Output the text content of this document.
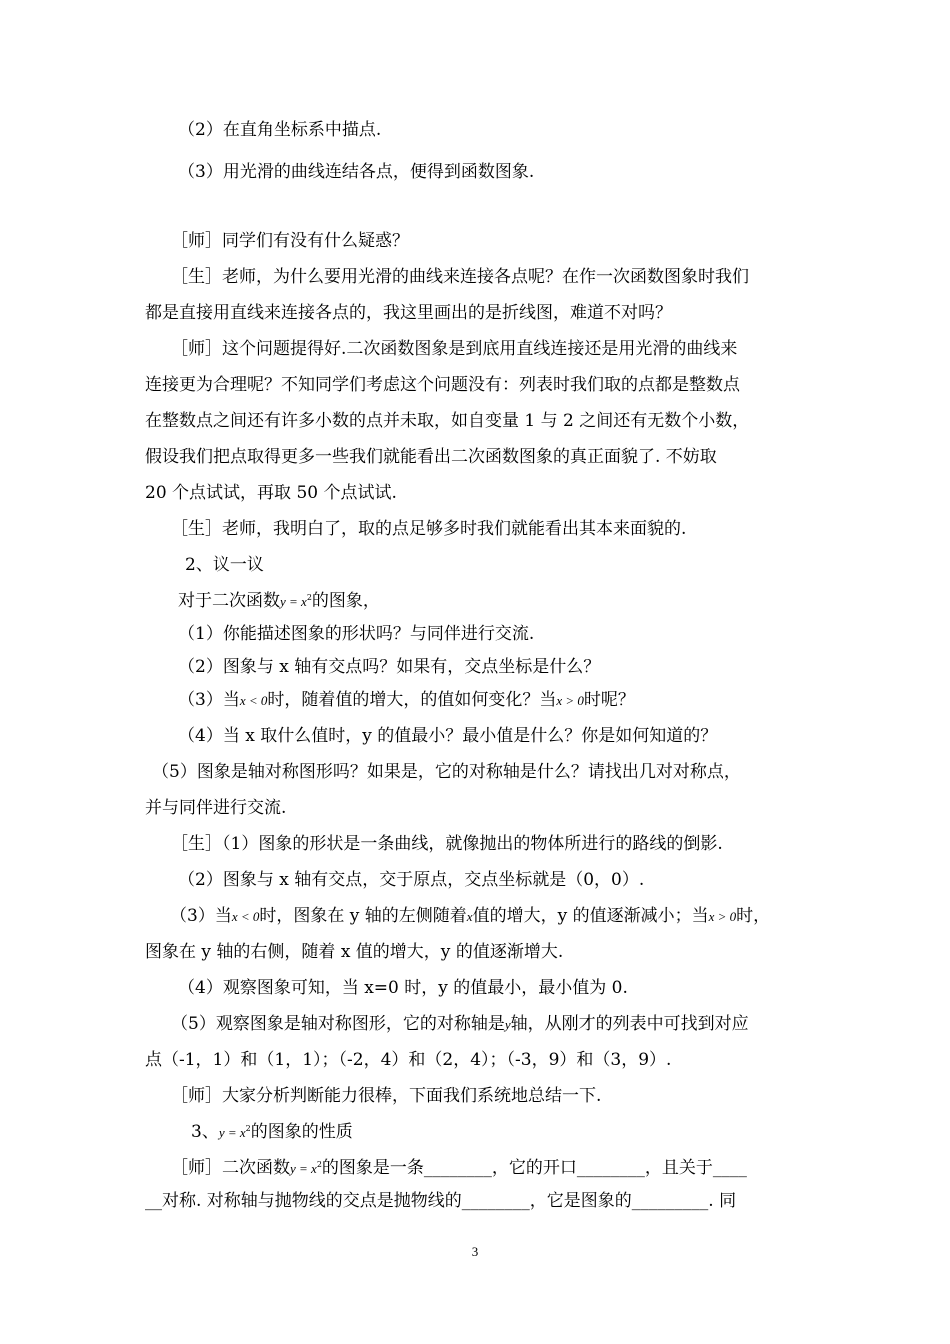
（2）在直角坐标系中描点.
（3）用光滑的曲线连结各点，便得到函数图象.
［师］同学们有没有什么疑惑？
［生］老师，为什么要用光滑的曲线来连接各点呢？在作一次函数图象时我们
都是直接用直线来连接各点的，我这里画出的是折线图，难道不对吗？
［师］这个问题提得好.二次函数图象是到底用直线连接还是用光滑的曲线来
连接更为合理呢？不知同学们考虑这个问题没有：列表时我们取的点都是整数点
在整数点之间还有许多小数的点并未取，如自变量 1 与 2 之间还有无数个小数，
假设我们把点取得更多一些我们就能看出二次函数图象的真正面貌了. 不妨取
20 个点试试，再取 50 个点试试.
［生］老师，我明白了，取的点足够多时我们就能看出其本来面貌的.
2、议一议
对于二次函数$y = x^2$的图象，
（1）你能描述图象的形状吗？与同伴进行交流.
（2）图象与 x 轴有交点吗？如果有，交点坐标是什么？
（3）当x < 0时，随着值的增大，的值如何变化？当x > 0时呢？
（4）当 x 取什么值时，y 的值最小？最小值是什么？你是如何知道的？
（5）图象是轴对称图形吗？如果是，它的对称轴是什么？请找出几对对称点，
并与同伴进行交流.
［生］（1）图象的形状是一条曲线，就像抛出的物体所进行的路线的倒影.
（2）图象与 x 轴有交点，交于原点，交点坐标就是（0，0）.
（3）当x < 0时，图象在 y 轴的左侧随着x值的增大，y 的值逐渐减小；当x > 0时，
图象在 y 轴的右侧，随着 x 值的增大，y 的值逐渐增大.
（4）观察图象可知，当 x=0 时，y 的值最小，最小值为 0.
（5）观察图象是轴对称图形，它的对称轴是y轴，从刚才的列表中可找到对应
点（-1，1）和（1，1）；（-2，4）和（2，4）；（-3，9）和（3，9）.
［师］大家分析判断能力很棒，下面我们系统地总结一下.
3、$y = x^2$的图象的性质
［师］二次函数$y = x^2$的图象是一条________，它的开口________，且关于____
__对称. 对称轴与抛物线的交点是抛物线的________，它是图象的_________. 同
3
